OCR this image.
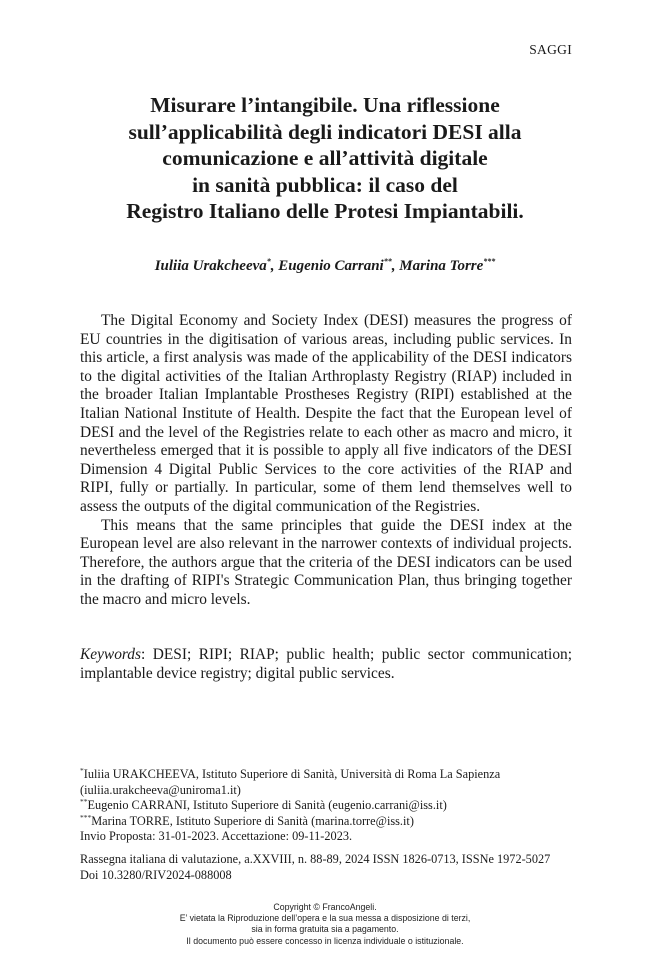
SAGGI
Misurare l’intangibile. Una riflessione
sull’applicabilità degli indicatori DESI alla
comunicazione e all’attività digitale
in sanità pubblica: il caso del
Registro Italiano delle Protesi Impiantabili.
Iuliia Urakcheeva*, Eugenio Carrani**, Marina Torre***

The Digital Economy and Society Index (DESI) measures the progress of EU countries in the digitisation of various areas, including public services. In this article, a first analysis was made of the applicability of the DESI indicators to the digital activities of the Italian Arthroplasty Registry (RIAP) included in the broader Italian Implantable Prostheses Registry (RIPI) established at the Italian National Institute of Health. Despite the fact that the European level of DESI and the level of the Registries relate to each other as macro and micro, it nevertheless emerged that it is possible to apply all five indicators of the DESI Dimension 4 Digital Public Services to the core activities of the RIAP and RIPI, fully or partially. In particular, some of them lend themselves well to assess the outputs of the digital communication of the Registries.

This means that the same principles that guide the DESI index at the European level are also relevant in the narrower contexts of individual projects. Therefore, the authors argue that the criteria of the DESI indicators can be used in the drafting of RIPI's Strategic Communication Plan, thus bringing together the macro and micro levels.

Keywords: DESI; RIPI; RIAP; public health; public sector communication; implantable device registry; digital public services.
*Iuliia URAKCHEEVA, Istituto Superiore di Sanità, Università di Roma La Sapienza (iuliia.urakcheeva@uniroma1.it)
**Eugenio CARRANI, Istituto Superiore di Sanità (eugenio.carrani@iss.it)
***Marina TORRE, Istituto Superiore di Sanità (marina.torre@iss.it)
Invio Proposta: 31-01-2023. Accettazione: 09-11-2023.
Rassegna italiana di valutazione, a.XXVIII, n. 88-89, 2024 ISSN 1826-0713, ISSNe 1972-5027
Doi 10.3280/RIV2024-088008
Copyright © FrancoAngeli.
E’ vietata la Riproduzione dell’opera e la sua messa a disposizione di terzi,
sia in forma gratuita sia a pagamento.
Il documento può essere concesso in licenza individuale o istituzionale.
